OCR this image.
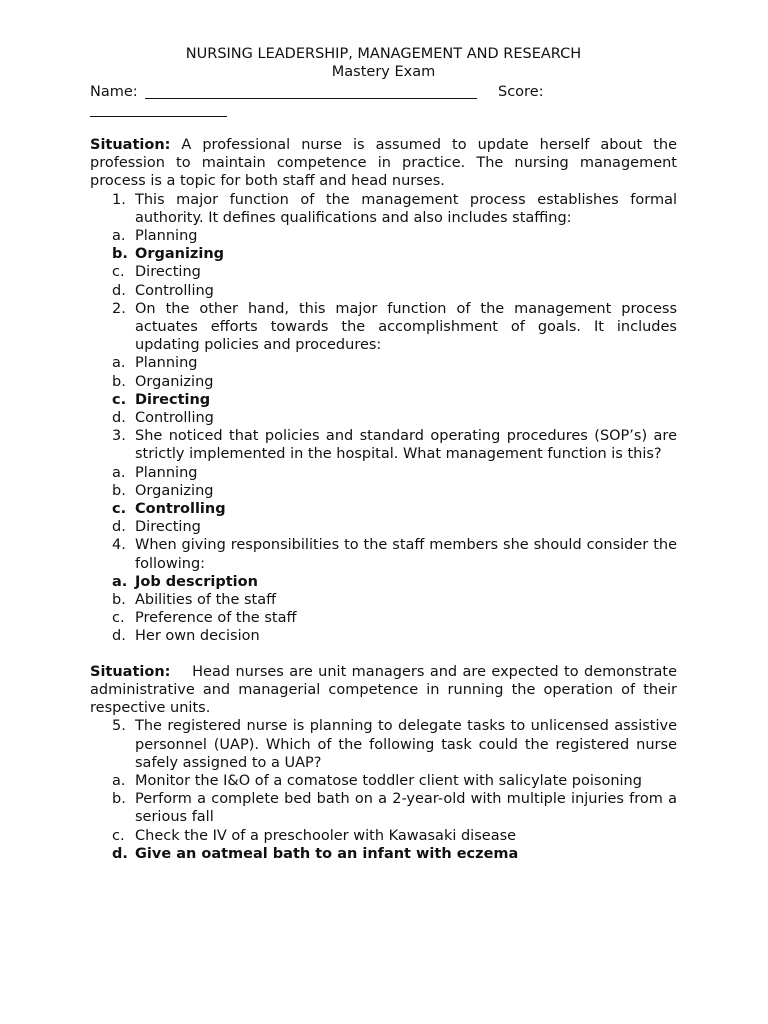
NURSING LEADERSHIP, MANAGEMENT AND RESEARCH
Mastery Exam
Name:	Score:
Situation: A professional nurse is assumed to update herself about the profession to maintain competence in practice. The nursing management process is a topic for both staff and head nurses.
1. This major function of the management process establishes formal authority. It defines qualifications and also includes staffing:
a. Planning
b. Organizing
c. Directing
d. Controlling
2. On the other hand, this major function of the management process actuates efforts towards the accomplishment of goals. It includes updating policies and procedures:
a. Planning
b. Organizing
c. Directing
d. Controlling
3. She noticed that policies and standard operating procedures (SOP’s) are strictly implemented in the hospital. What management function is this?
a. Planning
b. Organizing
c. Controlling
d. Directing
4. When giving responsibilities to the staff members she should consider the following:
a. Job description
b. Abilities of the staff
c. Preference of the staff
d. Her own decision
Situation:    Head nurses are unit managers and are expected to demonstrate administrative and managerial competence in running the operation of their respective units.
5. The registered nurse is planning to delegate tasks to unlicensed assistive personnel (UAP). Which of the following task could the registered nurse safely assigned to a UAP?
a. Monitor the I&O of a comatose toddler client with salicylate poisoning
b. Perform a complete bed bath on a 2-year-old with multiple injuries from a serious fall
c. Check the IV of a preschooler with Kawasaki disease
d. Give an oatmeal bath to an infant with eczema
